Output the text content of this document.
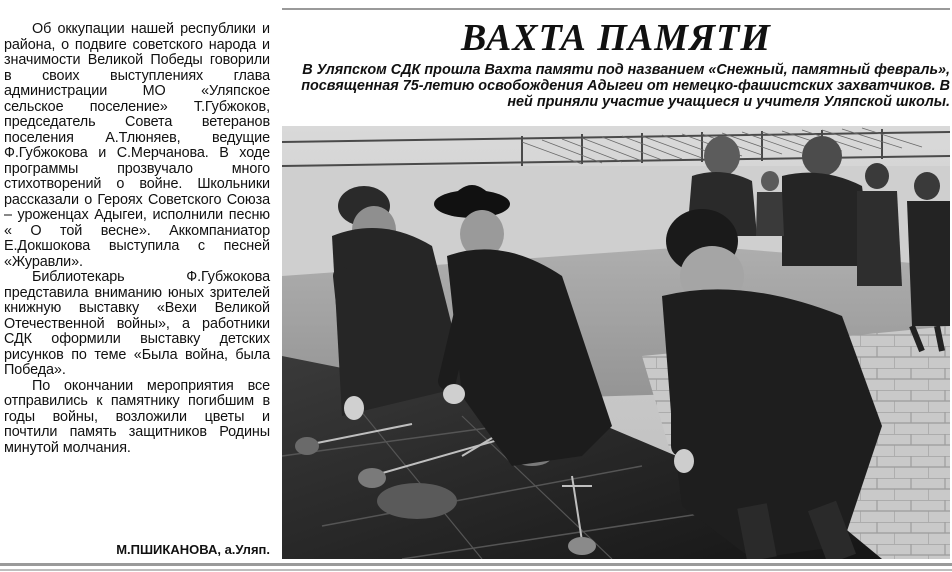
Об оккупации нашей республики и района, о подвиге советского народа и значимости Великой Победы говорили в своих выступлениях глава администрации МО «Уляпское сельское поселение» Т.Губжоков, председатель Совета ветеранов поселения А.Тлюняев, ведущие Ф.Губжокова и С.Мерчанова. В ходе программы прозвучало много стихотворений о войне. Школьники рассказали о Героях Советского Союза – уроженцах Адыгеи, исполнили песню « О той весне». Аккомпаниатор Е.Докшокова выступила с песней «Журавли».

Библиотекарь Ф.Губжокова представила вниманию юных зрителей книжную выставку «Вехи Великой Отечественной войны», а работники СДК оформили выставку детских рисунков по теме «Была война, была Победа».

По окончании мероприятия все отправились к памятнику погибшим в годы войны, возложили цветы и почтили память защитников Родины минутой молчания.

М.ПШИКАНОВА, а.Уляп.
ВАХТА ПАМЯТИ
В Уляпском СДК прошла Вахта памяти под названием «Снежный, памятный февраль», посвященная 75-летию освобождения Адыгеи от немецко-фашистских захватчиков. В ней приняли участие учащиеся и учителя Уляпской школы.
